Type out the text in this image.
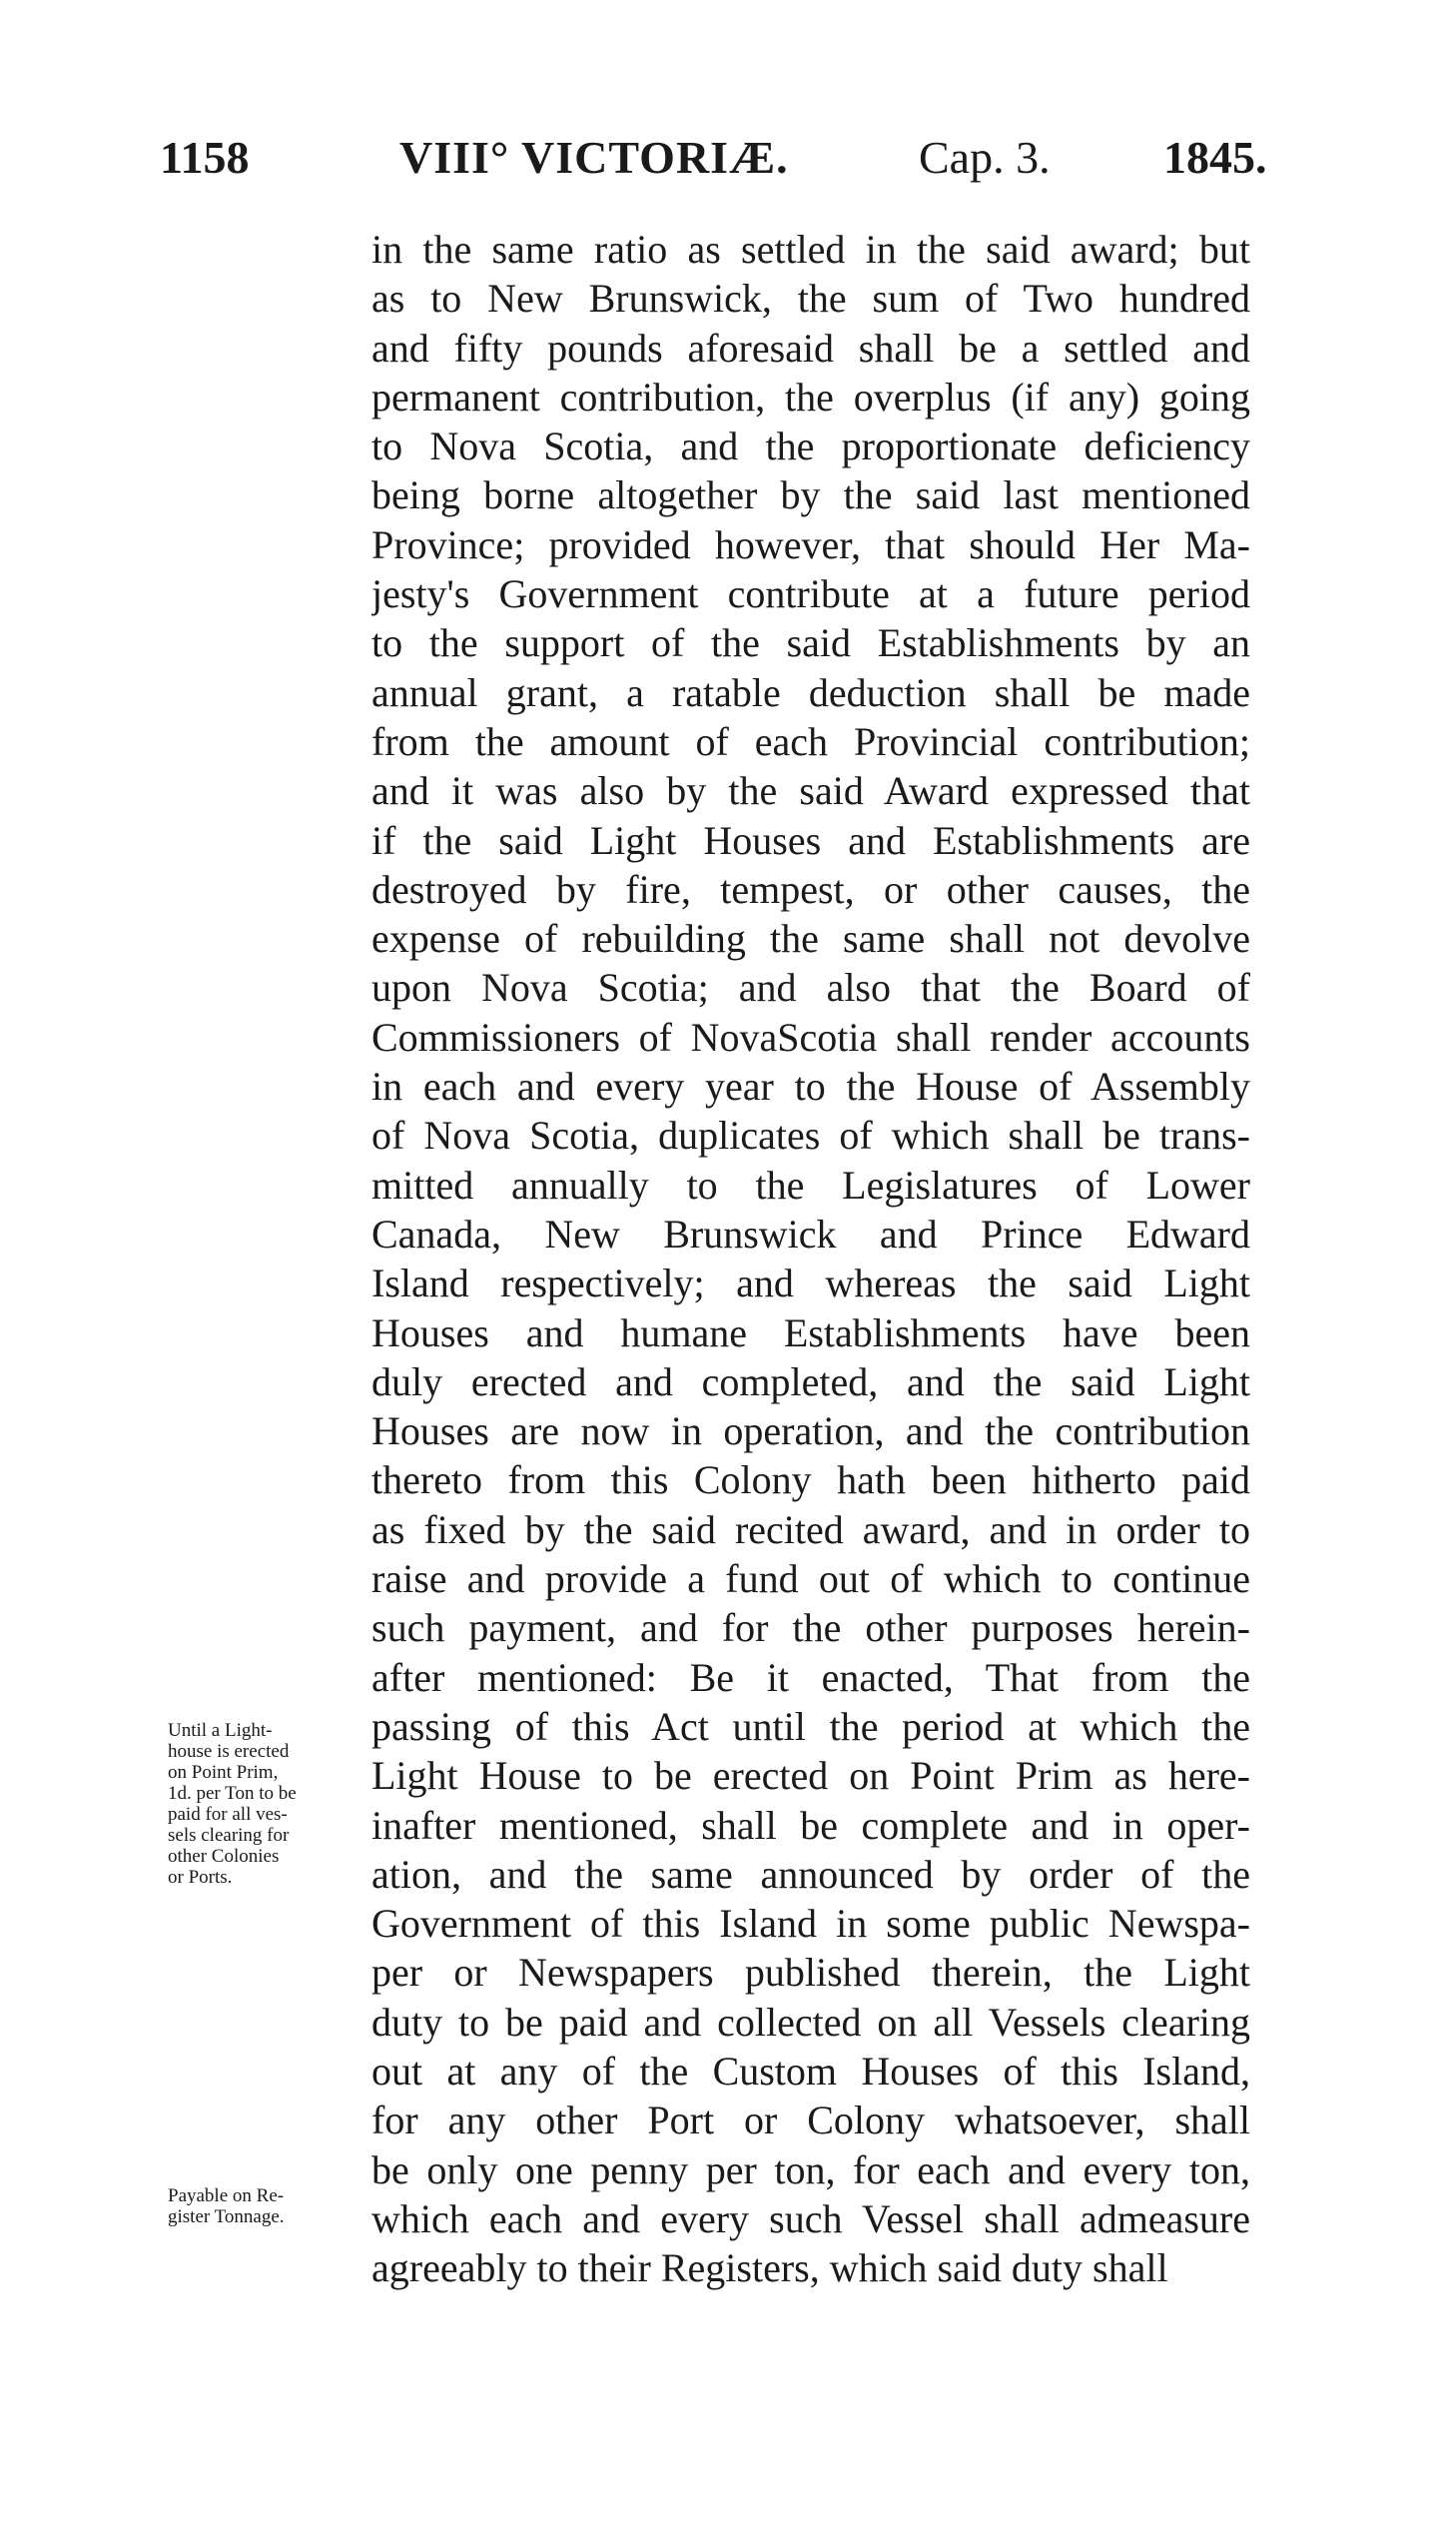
1158	VIII° VICTORIÆ.	Cap. 3. 1845.
in the same ratio as settled in the said award; but
as to New Brunswick, the sum of Two hundred
and fifty pounds aforesaid shall be a settled and
permanent contribution, the overplus (if any) going
to Nova Scotia, and the proportionate deficiency
being borne altogether by the said last mentioned
Province; provided however, that should Her Ma-
jesty's Government contribute at a future period
to the support of the said Establishments by an
annual grant, a ratable deduction shall be made
from the amount of each Provincial contribution;
and it was also by the said Award expressed that
if the said Light Houses and Establishments are
destroyed by fire, tempest, or other causes, the
expense of rebuilding the same shall not devolve
upon Nova Scotia; and also that the Board of
Commissioners of NovaScotia shall render accounts
in each and every year to the House of Assembly
of Nova Scotia, duplicates of which shall be trans-
mitted annually to the Legislatures of Lower
Canada, New Brunswick and Prince Edward
Island respectively; and whereas the said Light
Houses and humane Establishments have been
duly erected and completed, and the said Light
Houses are now in operation, and the contribution
thereto from this Colony hath been hitherto paid
as fixed by the said recited award, and in order to
raise and provide a fund out of which to continue
such payment, and for the other purposes herein-
after mentioned: Be it enacted, That from the
passing of this Act until the period at which the
Light House to be erected on Point Prim as here-
inafter mentioned, shall be complete and in oper-
ation, and the same announced by order of the
Government of this Island in some public Newspa-
per or Newspapers published therein, the Light
duty to be paid and collected on all Vessels clearing
out at any of the Custom Houses of this Island,
for any other Port or Colony whatsoever, shall
be only one penny per ton, for each and every ton,
which each and every such Vessel shall admeasure
agreeably to their Registers, which said duty shall
Until a Light-
house is erected
on Point Prim,
1d. per Ton to be
paid for all ves-
sels clearing for
other Colonies
or Ports.
Payable on Re-
gister Tonnage.
